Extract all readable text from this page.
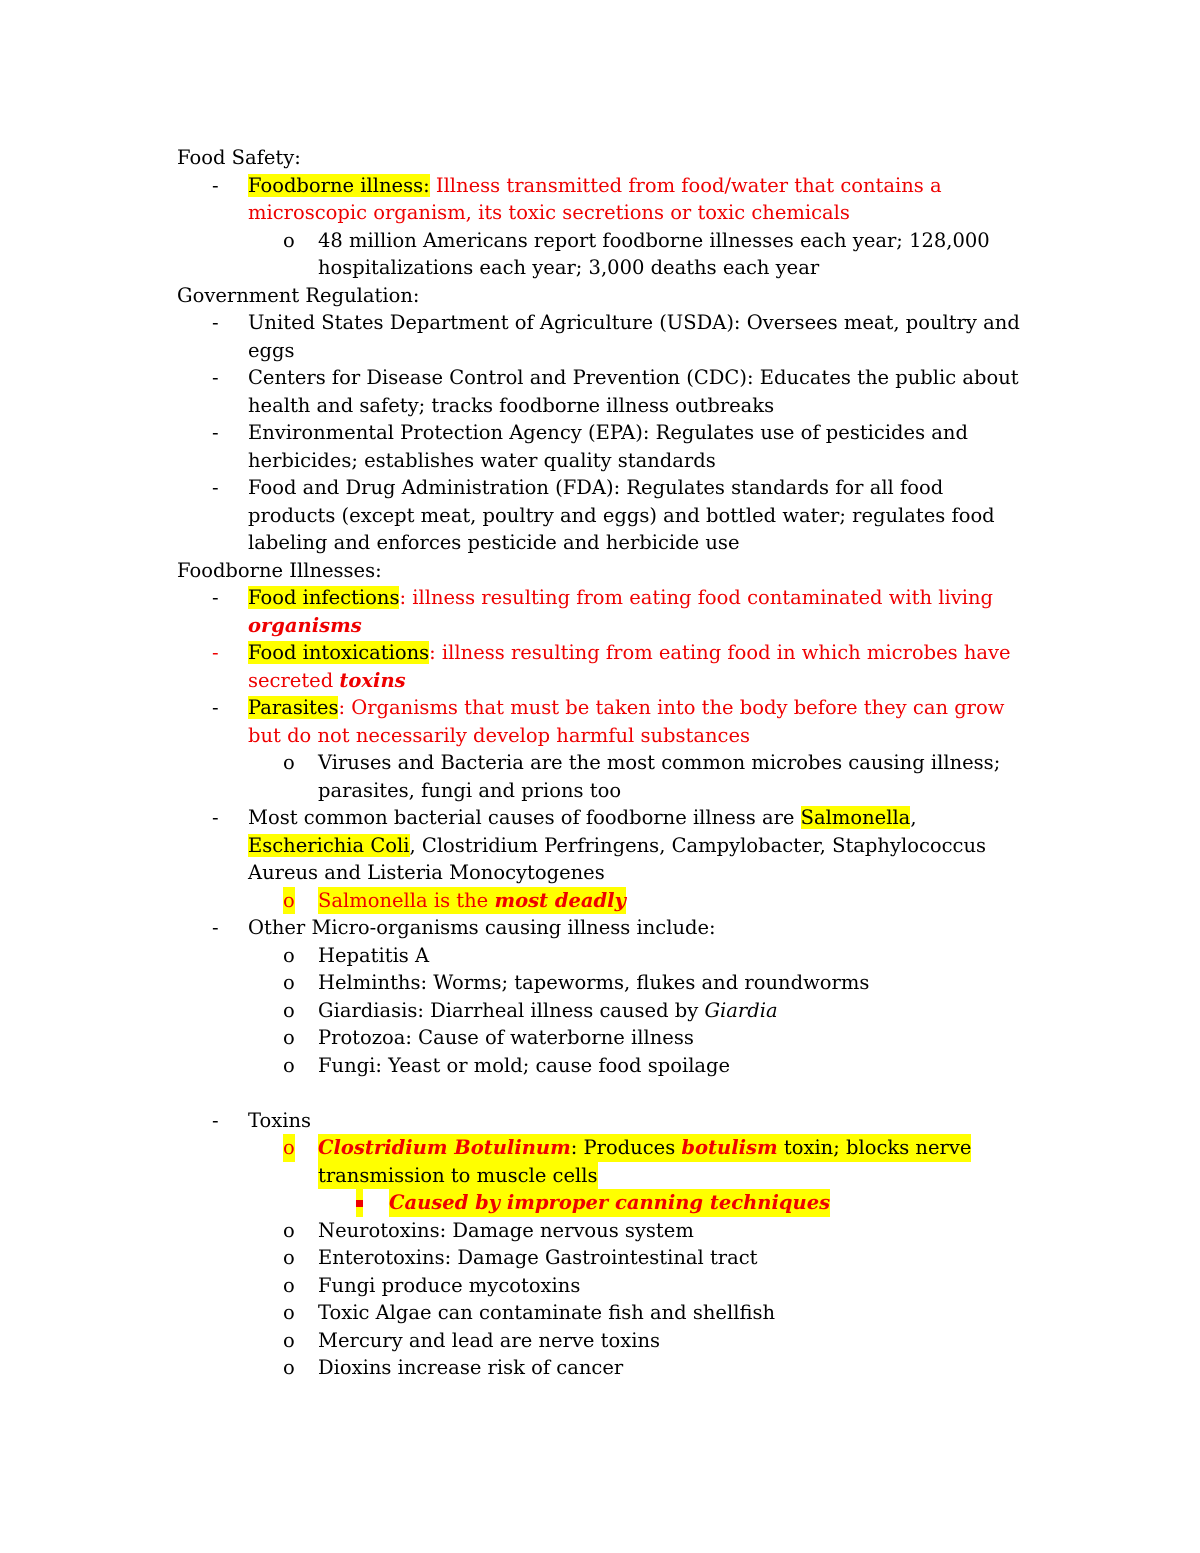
Food Safety:
- Foodborne illness: Illness transmitted from food/water that contains a
microscopic organism, its toxic secretions or toxic chemicals
o 48 million Americans report foodborne illnesses each year; 128,000
hospitalizations each year; 3,000 deaths each year
Government Regulation:
- United States Department of Agriculture (USDA): Oversees meat, poultry and
eggs
- Centers for Disease Control and Prevention (CDC): Educates the public about
health and safety; tracks foodborne illness outbreaks
- Environmental Protection Agency (EPA): Regulates use of pesticides and
herbicides; establishes water quality standards
- Food and Drug Administration (FDA): Regulates standards for all food
products (except meat, poultry and eggs) and bottled water; regulates food
labeling and enforces pesticide and herbicide use
Foodborne Illnesses:
- Food infections: illness resulting from eating food contaminated with living
organisms
- Food intoxications: illness resulting from eating food in which microbes have
secreted toxins
- Parasites: Organisms that must be taken into the body before they can grow
but do not necessarily develop harmful substances
o Viruses and Bacteria are the most common microbes causing illness;
parasites, fungi and prions too
- Most common bacterial causes of foodborne illness are Salmonella,
Escherichia Coli, Clostridium Perfringens, Campylobacter, Staphylococcus
Aureus and Listeria Monocytogenes
o Salmonella is the most deadly
- Other Micro-organisms causing illness include:
o Hepatitis A
o Helminths: Worms; tapeworms, flukes and roundworms
o Giardiasis: Diarrheal illness caused by Giardia
o Protozoa: Cause of waterborne illness
o Fungi: Yeast or mold; cause food spoilage
- Toxins
o Clostridium Botulinum: Produces botulism toxin; blocks nerve
transmission to muscle cells
Caused by improper canning techniques
o Neurotoxins: Damage nervous system
o Enterotoxins: Damage Gastrointestinal tract
o Fungi produce mycotoxins
o Toxic Algae can contaminate fish and shellfish
o Mercury and lead are nerve toxins
o Dioxins increase risk of cancer
